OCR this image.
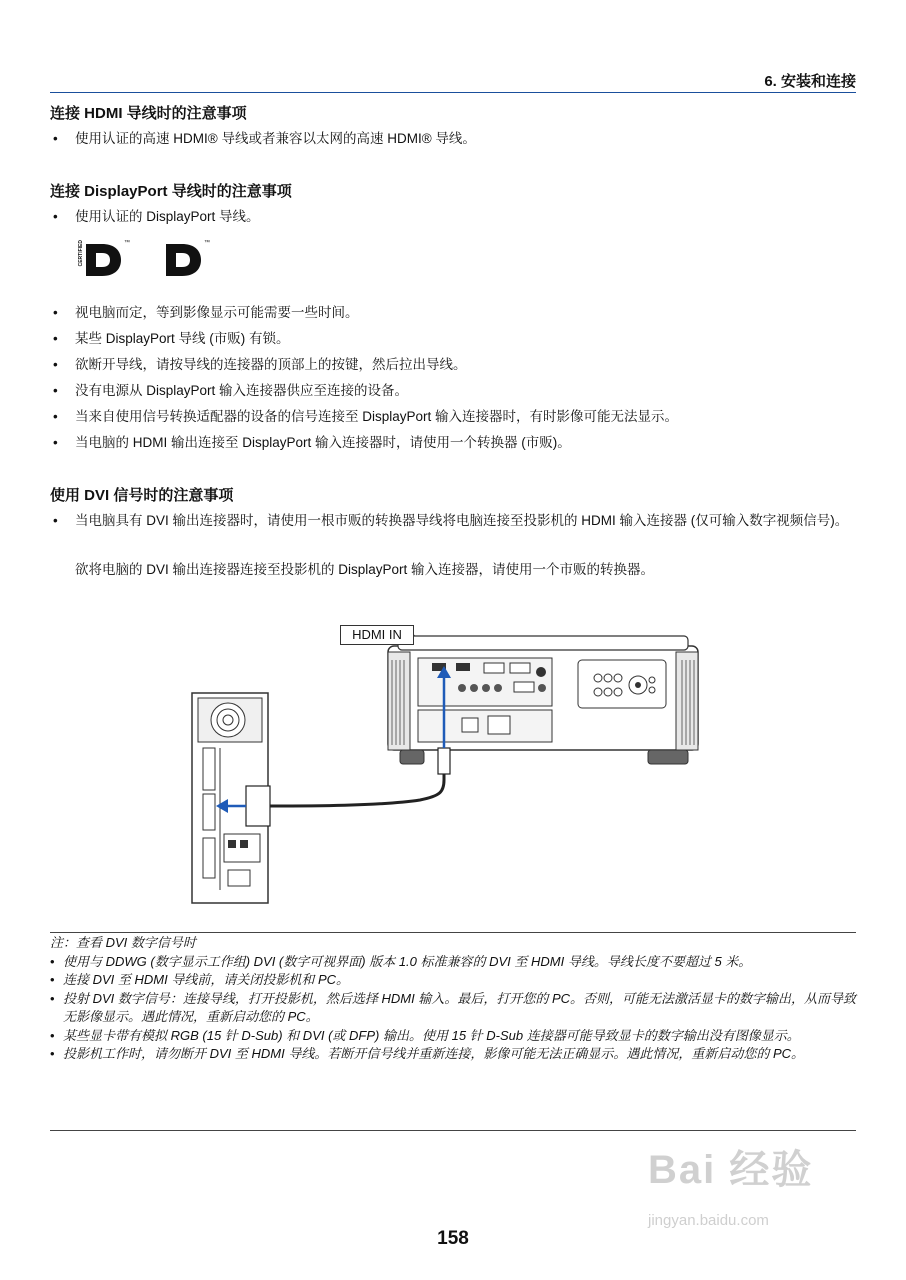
6. 安装和连接
连接 HDMI 导线时的注意事项
• 使用认证的高速 HDMI® 导线或者兼容以太网的高速 HDMI® 导线。
连接 DisplayPort 导线时的注意事项
• 使用认证的 DisplayPort 导线。
CERTIFIED	™	™
• 视电脑而定，等到影像显示可能需要一些时间。
• 某些 DisplayPort 导线 (市贩) 有锁。
• 欲断开导线，请按导线的连接器的顶部上的按键，然后拉出导线。
• 没有电源从 DisplayPort 输入连接器供应至连接的设备。
• 当来自使用信号转换适配器的设备的信号连接至 DisplayPort 输入连接器时，有时影像可能无法显示。
• 当电脑的 HDMI 输出连接至 DisplayPort 输入连接器时，请使用一个转换器 (市贩)。
使用 DVI 信号时的注意事项
• 当电脑具有 DVI 输出连接器时，请使用一根市贩的转换器导线将电脑连接至投影机的 HDMI 输入连接器 (仅可输入数字视频信号)。
欲将电脑的 DVI 输出连接器连接至投影机的 DisplayPort 输入连接器，请使用一个市贩的转换器。
HDMI IN
注：查看 DVI 数字信号时
• 使用与 DDWG (数字显示工作组) DVI (数字可视界面) 版本 1.0 标准兼容的 DVI 至 HDMI 导线。导线长度不要超过 5 米。
• 连接 DVI 至 HDMI 导线前，请关闭投影机和 PC。
• 投射 DVI 数字信号：连接导线，打开投影机，然后选择 HDMI 输入。最后，打开您的 PC。否则，可能无法激活显卡的数字输出，从而导致无影像显示。遇此情况，重新启动您的 PC。
• 某些显卡带有模拟 RGB (15 针 D-Sub) 和 DVI (或 DFP) 输出。使用 15 针 D-Sub 连接器可能导致显卡的数字输出没有图像显示。
• 投影机工作时，请勿断开 DVI 至 HDMI 导线。若断开信号线并重新连接，影像可能无法正确显示。遇此情况，重新启动您的 PC。
158
Bai 经验
jingyan.baidu.com
